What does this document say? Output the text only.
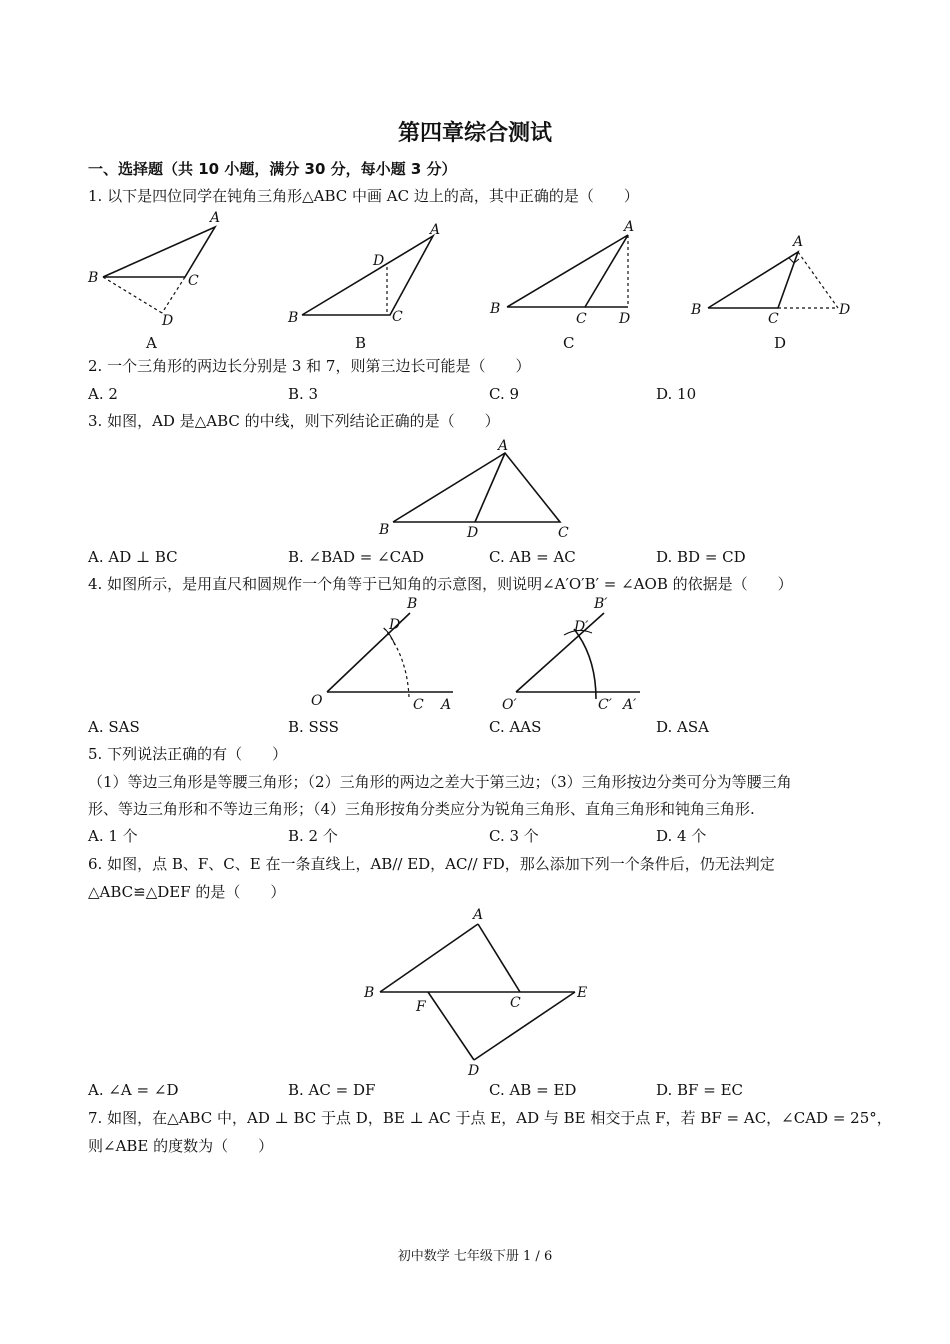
第四章综合测试
一、选择题（共 10 小题，满分 30 分，每小题 3 分）
1. 以下是四位同学在钝角三角形△ABC 中画 AC 边上的高，其中正确的是（　　）
A
B	C
D
A
A
B	C
D
B
A
B
C D
C
A
B
C
D
D
2. 一个三角形的两边长分别是 3 和 7，则第三边长可能是（　　）
A. 2	B. 3	C. 9	D. 10
3. 如图，AD 是△ABC 的中线，则下列结论正确的是（　　）
A
B	D	C
A. AD ⊥ BC	B. ∠BAD = ∠CAD	C. AB = AC	D. BD = CD
4. 如图所示，是用直尺和圆规作一个角等于已知角的示意图，则说明∠A′O′B′ = ∠AOB 的依据是（　　）
B
D
O	C A
B′
D′
O′	C′ A′
A. SAS	B. SSS	C. AAS	D. ASA
5. 下列说法正确的有（　　）
（1）等边三角形是等腰三角形；（2）三角形的两边之差大于第三边；（3）三角形按边分类可分为等腰三角
形、等边三角形和不等边三角形；（4）三角形按角分类应分为锐角三角形、直角三角形和钝角三角形.
A. 1 个	B. 2 个	C. 3 个	D. 4 个
6. 如图，点 B、F、C、E 在一条直线上，AB// ED，AC// FD，那么添加下列一个条件后，仍无法判定
△ABC≌△DEF 的是（　　）
A
B
F	C
E
D
A. ∠A = ∠D	B. AC = DF	C. AB = ED	D. BF = EC
7. 如图，在△ABC 中，AD ⊥ BC 于点 D，BE ⊥ AC 于点 E，AD 与 BE 相交于点 F，若 BF = AC，∠CAD = 25°，
则∠ABE 的度数为（　　）
初中数学 七年级下册 1 / 6
